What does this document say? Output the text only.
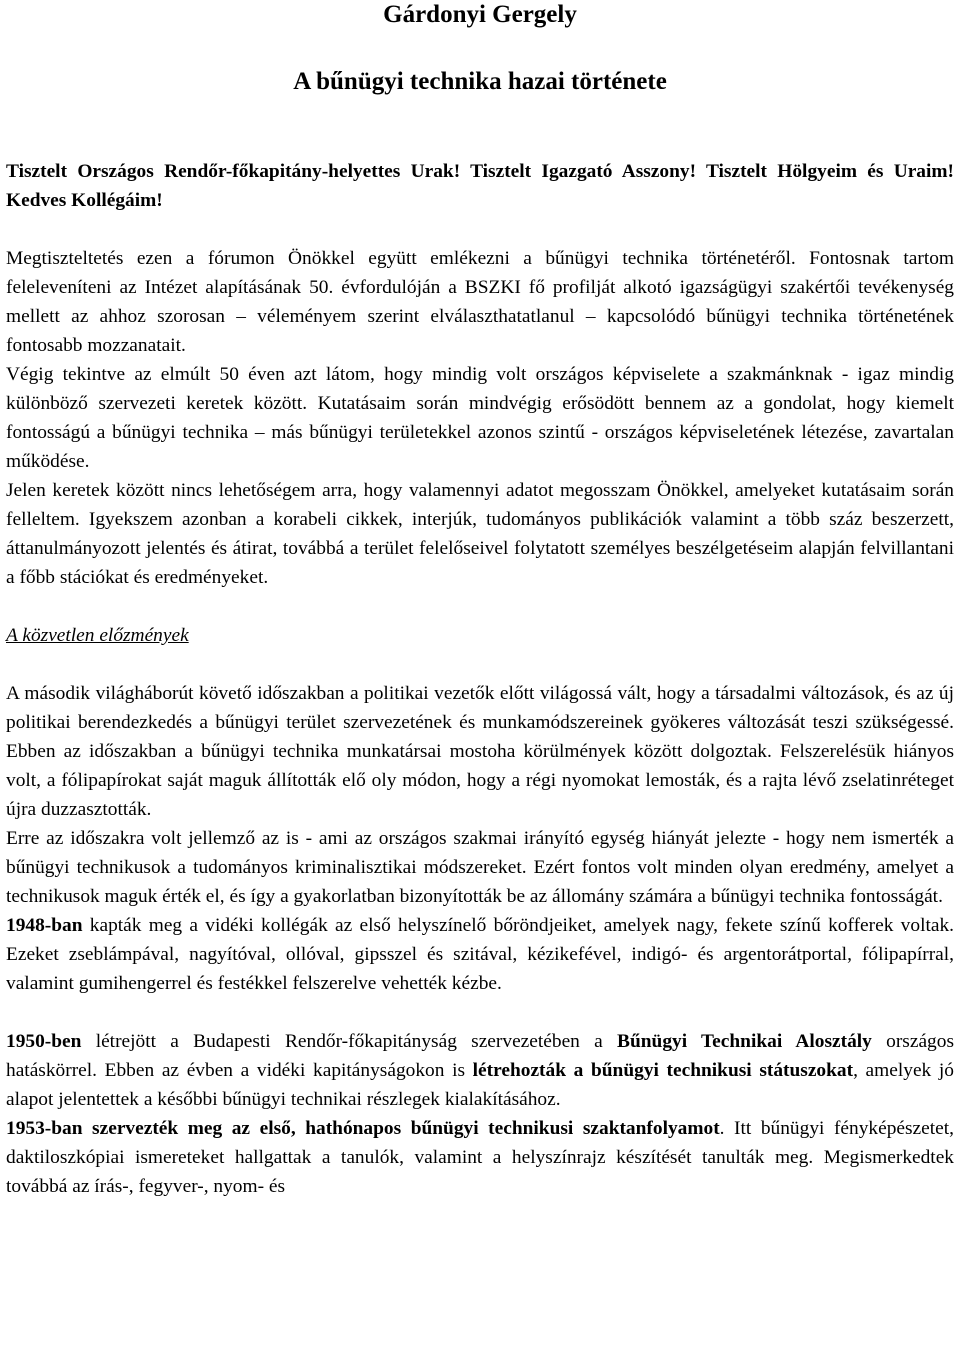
Gárdonyi Gergely
A bűnügyi technika hazai története

Tisztelt Országos Rendőr-főkapitány-helyettes Urak! Tisztelt Igazgató Asszony! Tisztelt Hölgyeim és Uraim! Kedves Kollégáim!

Megtiszteltetés ezen a fórumon Önökkel együtt emlékezni a bűnügyi technika történetéről. Fontosnak tartom feleleveníteni az Intézet alapításának 50. évfordulóján a BSZKI fő profilját alkotó igazságügyi szakértői tevékenység mellett az ahhoz szorosan – véleményem szerint elválaszthatatlanul – kapcsolódó bűnügyi technika történetének fontosabb mozzanatait.

Végig tekintve az elmúlt 50 éven azt látom, hogy mindig volt országos képviselete a szakmánknak - igaz mindig különböző szervezeti keretek között. Kutatásaim során mindvégig erősödött bennem az a gondolat, hogy kiemelt fontosságú a bűnügyi technika – más bűnügyi területekkel azonos szintű - országos képviseletének létezése, zavartalan működése.

Jelen keretek között nincs lehetőségem arra, hogy valamennyi adatot megosszam Önökkel, amelyeket kutatásaim során felleltem. Igyekszem azonban a korabeli cikkek, interjúk, tudományos publikációk valamint a több száz beszerzett, áttanulmányozott jelentés és átirat, továbbá a terület felelőseivel folytatott személyes beszélgetéseim alapján felvillantani a főbb stációkat és eredményeket.

A közvetlen előzmények

A második világháborút követő időszakban a politikai vezetők előtt világossá vált, hogy a társadalmi változások, és az új politikai berendezkedés a bűnügyi terület szervezetének és munkamódszereinek gyökeres változását teszi szükségessé. Ebben az időszakban a bűnügyi technika munkatársai mostoha körülmények között dolgoztak. Felszerelésük hiányos volt, a fólipapírokat saját maguk állították elő oly módon, hogy a régi nyomokat lemosták, és a rajta lévő zselatinréteget újra duzzasztották.

Erre az időszakra volt jellemző az is - ami az országos szakmai irányító egység hiányát jelezte - hogy nem ismerték a bűnügyi technikusok a tudományos kriminalisztikai módszereket. Ezért fontos volt minden olyan eredmény, amelyet a technikusok maguk érték el, és így a gyakorlatban bizonyították be az állomány számára a bűnügyi technika fontosságát.

1948-ban kapták meg a vidéki kollégák az első helyszínelő bőröndjeiket, amelyek nagy, fekete színű kofferek voltak. Ezeket zseblámpával, nagyítóval, ollóval, gipsszel és szitával, kézikefével, indigó- és argentorátportal, fólipapírral, valamint gumihengerrel és festékkel felszerelve vehették kézbe.

1950-ben létrejött a Budapesti Rendőr-főkapitányság szervezetében a Bűnügyi Technikai Alosztály országos hatáskörrel. Ebben az évben a vidéki kapitányságokon is létrehozták a bűnügyi technikusi státuszokat, amelyek jó alapot jelentettek a későbbi bűnügyi technikai részlegek kialakításához.

1953-ban szervezték meg az első, hathónapos bűnügyi technikusi szaktanfolyamot. Itt bűnügyi fényképészetet, daktiloszkópiai ismereteket hallgattak a tanulók, valamint a helyszínrajz készítését tanulták meg. Megismerkedtek továbbá az írás-, fegyver-, nyom- és
